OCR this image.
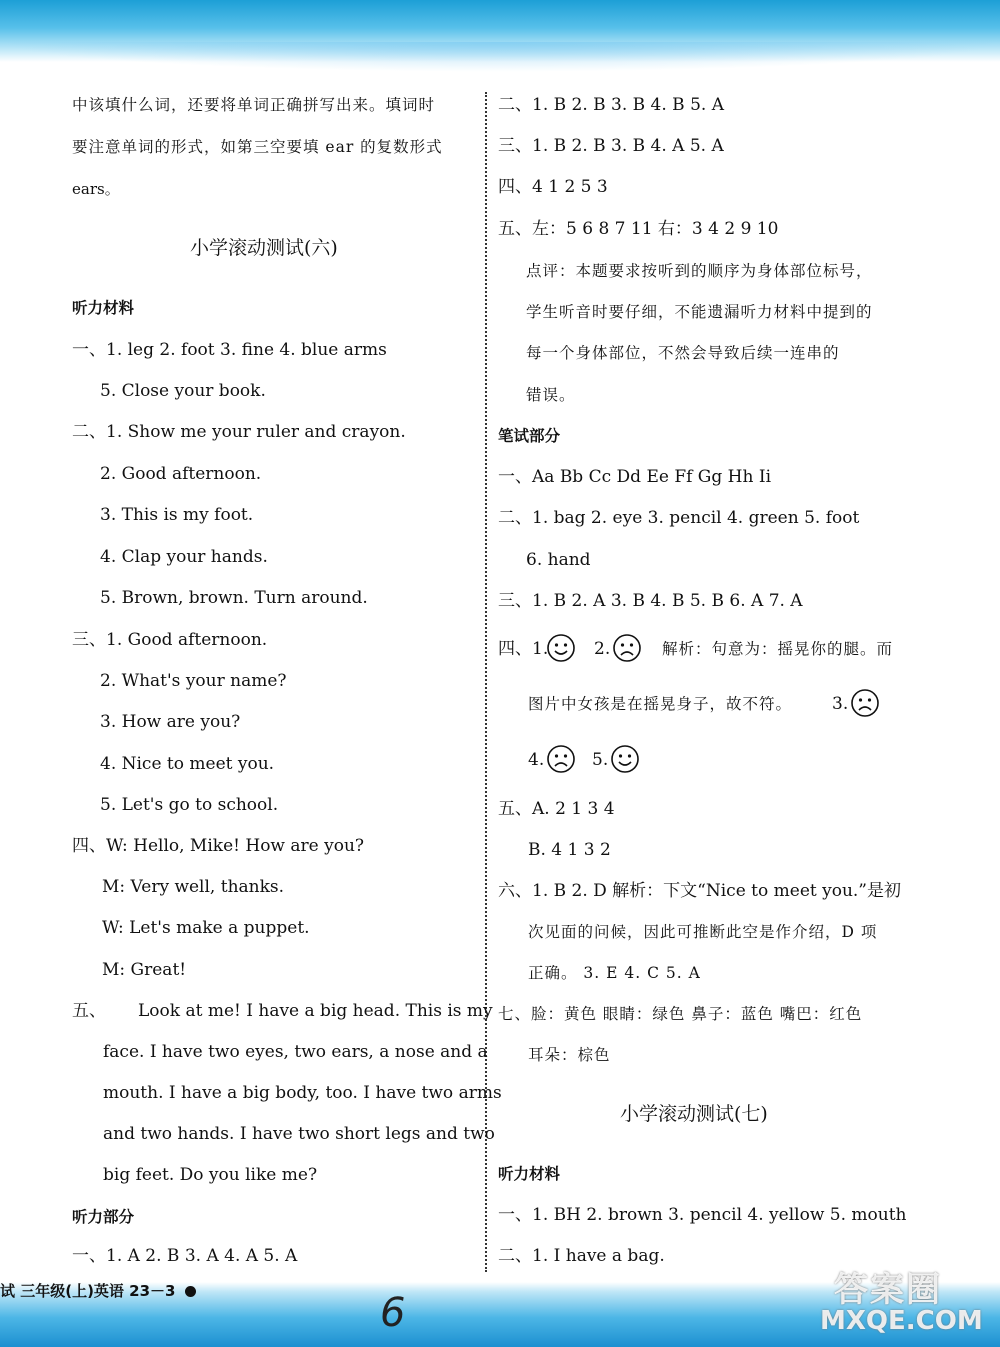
中该填什么词，还要将单词正确拼写出来。填词时
要注意单词的形式，如第三空要填 ear 的复数形式
ears。
小学滚动测试(六)
听力材料
一、1. leg 2. foot 3. fine 4. blue arms
5. Close your book.
二、1. Show me your ruler and crayon.
2. Good afternoon.
3. This is my foot.
4. Clap your hands.
5. Brown, brown. Turn around.
三、1. Good afternoon.
2. What's your name?
3. How are you?
4. Nice to meet you.
5. Let's go to school.
四、W: Hello, Mike! How are you?
M: Very well, thanks.
W: Let's make a puppet.
M: Great!
五、 Look at me! I have a big head. This is my
face. I have two eyes, two ears, a nose and a
mouth. I have a big body, too. I have two arms
and two hands. I have two short legs and two
big feet. Do you like me?
听力部分
一、1. A 2. B 3. A 4. A 5. A
二、1. B 2. B 3. B 4. B 5. A
三、1. B 2. B 3. B 4. A 5. A
四、4 1 2 5 3
五、左：5 6 8 7 11 右：3 4 2 9 10
点评：本题要求按听到的顺序为身体部位标号，
学生听音时要仔细，不能遗漏听力材料中提到的
每一个身体部位，不然会导致后续一连串的
错误。
笔试部分
一、Aa Bb Cc Dd Ee Ff Gg Hh Ii
二、1. bag 2. eye 3. pencil 4. green 5. foot
6. hand
三、1. B 2. A 3. B 4. B 5. B 6. A 7. A
四、1.	2.	解析：句意为：摇晃你的腿。而
图片中女孩是在摇晃身子，故不符。 3.
4.	5.
五、A. 2 1 3 4
B. 4 1 3 2
六、1. B 2. D 解析：下文“Nice to meet you.”是初
次见面的问候，因此可推断此空是作介绍，D 项
正确。 3. E 4. C 5. A
七、脸：黄色 眼睛：绿色 鼻子：蓝色 嘴巴：红色
耳朵：棕色
小学滚动测试(七)
听力材料
一、1. BH 2. brown 3. pencil 4. yellow 5. mouth
二、1. I have a bag.
试 三年级(上)英语 23－3	6	答案圈
MXQE.COM
